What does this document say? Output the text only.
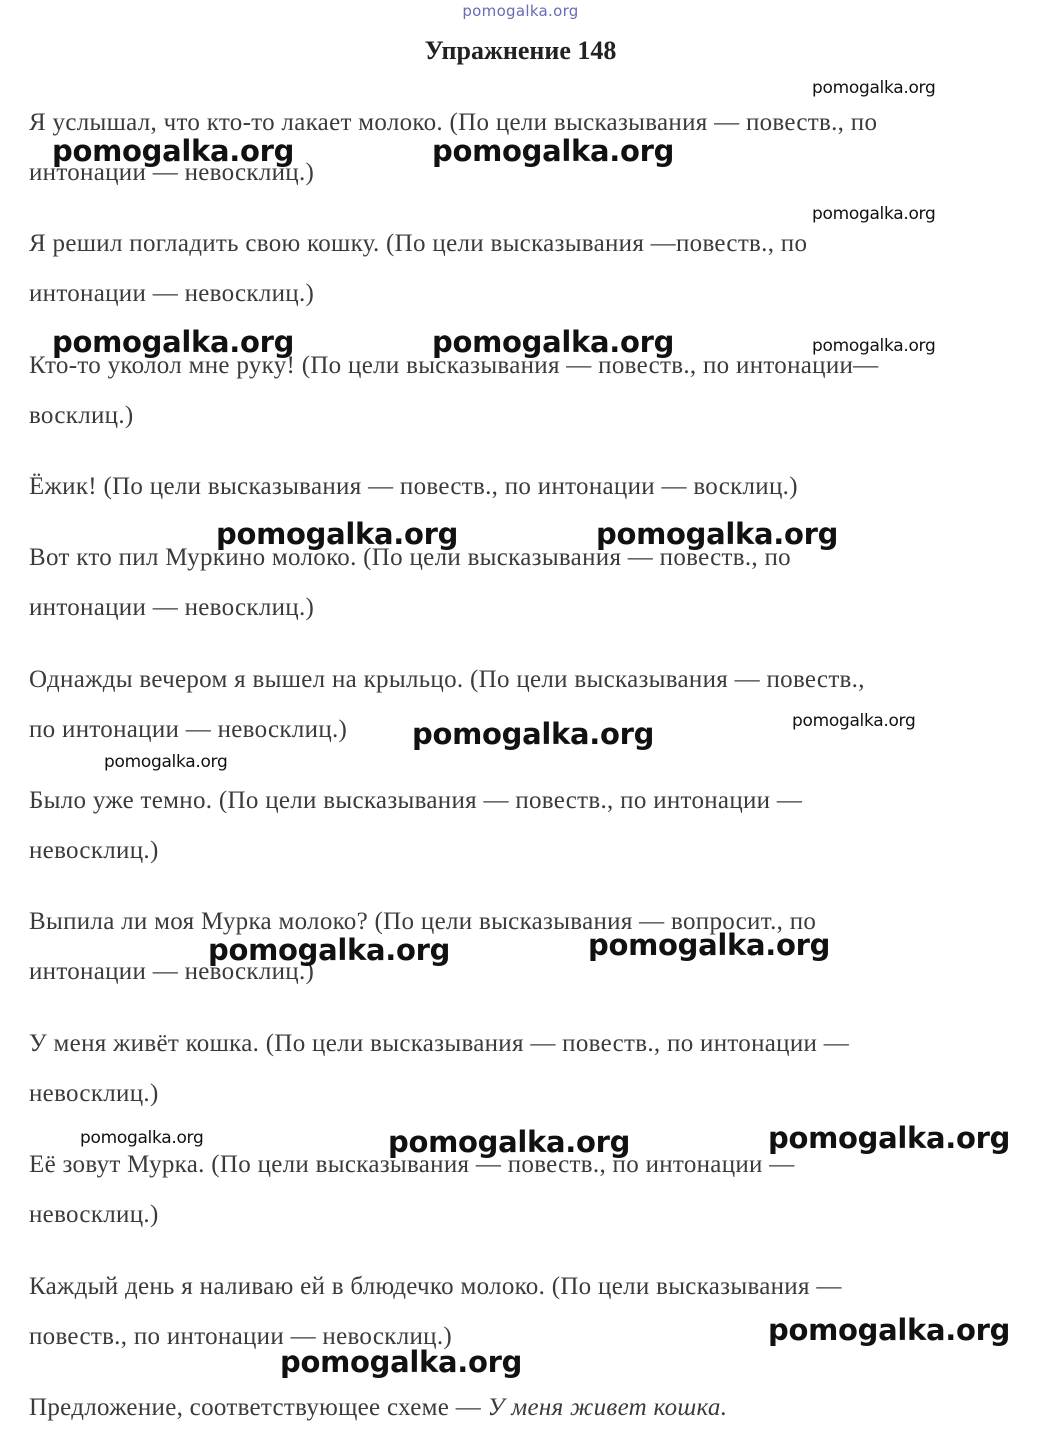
pomogalka.org
Упражнение 148
Я услышал, что кто-то лакает молоко. (По цели высказывания — повеств., по
интонации — невосклиц.)
Я решил погладить свою кошку. (По цели высказывания —повеств., по
интонации — невосклиц.)
Кто-то уколол мне руку! (По цели высказывания — повеств., по интонации—
восклиц.)
Ёжик! (По цели высказывания — повеств., по интонации — восклиц.)
Вот кто пил Муркино молоко. (По цели высказывания — повеств., по
интонации — невосклиц.)
Однажды вечером я вышел на крыльцо. (По цели высказывания — повеств.,
по интонации — невосклиц.)
Было уже темно. (По цели высказывания — повеств., по интонации —
невосклиц.)
Выпила ли моя Мурка молоко? (По цели высказывания — вопросит., по
интонации — невосклиц.)
У меня живёт кошка. (По цели высказывания — повеств., по интонации —
невосклиц.)
Её зовут Мурка. (По цели высказывания — повеств., по интонации —
невосклиц.)
Каждый день я наливаю ей в блюдечко молоко. (По цели высказывания —
повеств., по интонации — невосклиц.)
Предложение, соответствующее схеме — У меня живет кошка.
pomogalka.org
pomogalka.org	pomogalka.org
pomogalka.org
pomogalka.org	pomogalka.org	pomogalka.org
pomogalka.org	pomogalka.org
pomogalka.org
pomogalka.org
pomogalka.org
pomogalka.org
pomogalka.org
pomogalka.org	pomogalka.org	pomogalka.org
pomogalka.org
pomogalka.org
